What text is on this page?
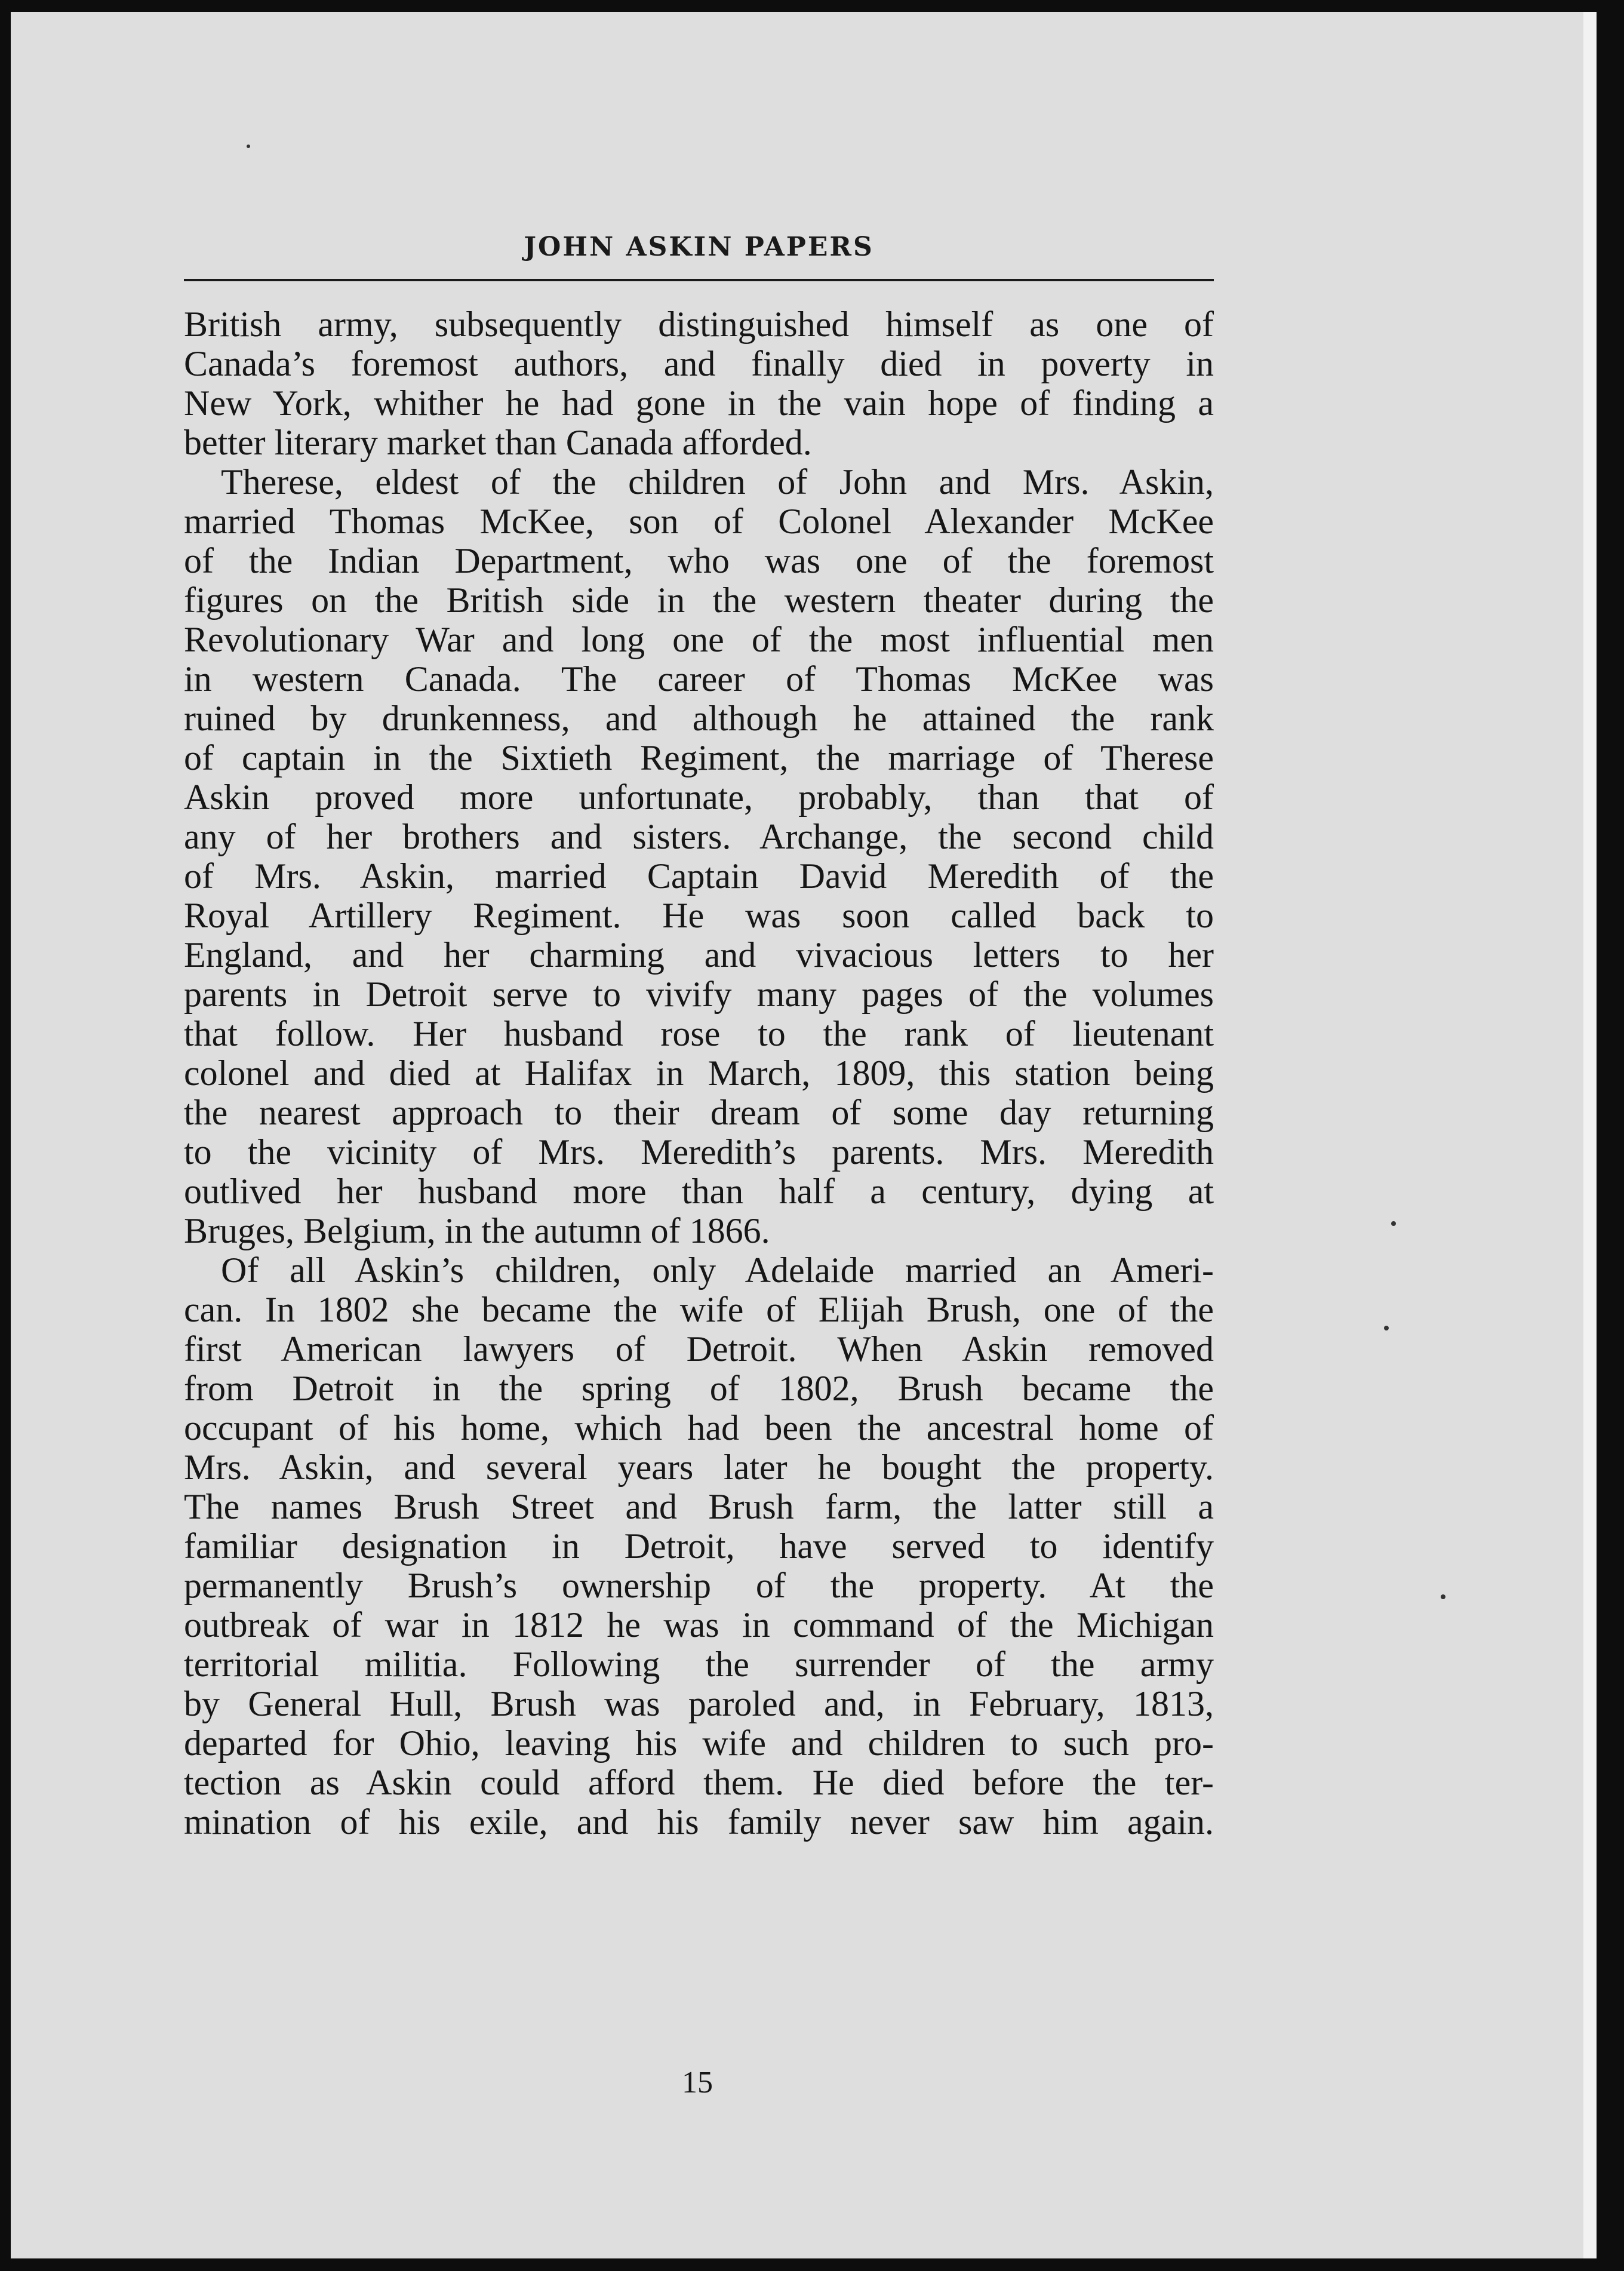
JOHN ASKIN PAPERS
British army, subsequently distinguished himself as one of
Canada’s foremost authors, and finally died in poverty in
New York, whither he had gone in the vain hope of finding a
better literary market than Canada afforded.
Therese, eldest of the children of John and Mrs. Askin,
married Thomas McKee, son of Colonel Alexander McKee
of the Indian Department, who was one of the foremost
figures on the British side in the western theater during the
Revolutionary War and long one of the most influential men
in western Canada. The career of Thomas McKee was
ruined by drunkenness, and although he attained the rank
of captain in the Sixtieth Regiment, the marriage of Therese
Askin proved more unfortunate, probably, than that of
any of her brothers and sisters. Archange, the second child
of Mrs. Askin, married Captain David Meredith of the
Royal Artillery Regiment. He was soon called back to
England, and her charming and vivacious letters to her
parents in Detroit serve to vivify many pages of the volumes
that follow. Her husband rose to the rank of lieutenant
colonel and died at Halifax in March, 1809, this station being
the nearest approach to their dream of some day returning
to the vicinity of Mrs. Meredith’s parents. Mrs. Meredith
outlived her husband more than half a century, dying at
Bruges, Belgium, in the autumn of 1866.
Of all Askin’s children, only Adelaide married an Ameri-
can. In 1802 she became the wife of Elijah Brush, one of the
first American lawyers of Detroit. When Askin removed
from Detroit in the spring of 1802, Brush became the
occupant of his home, which had been the ancestral home of
Mrs. Askin, and several years later he bought the property.
The names Brush Street and Brush farm, the latter still a
familiar designation in Detroit, have served to identify
permanently Brush’s ownership of the property. At the
outbreak of war in 1812 he was in command of the Michigan
territorial militia. Following the surrender of the army
by General Hull, Brush was paroled and, in February, 1813,
departed for Ohio, leaving his wife and children to such pro-
tection as Askin could afford them. He died before the ter-
mination of his exile, and his family never saw him again.
15
